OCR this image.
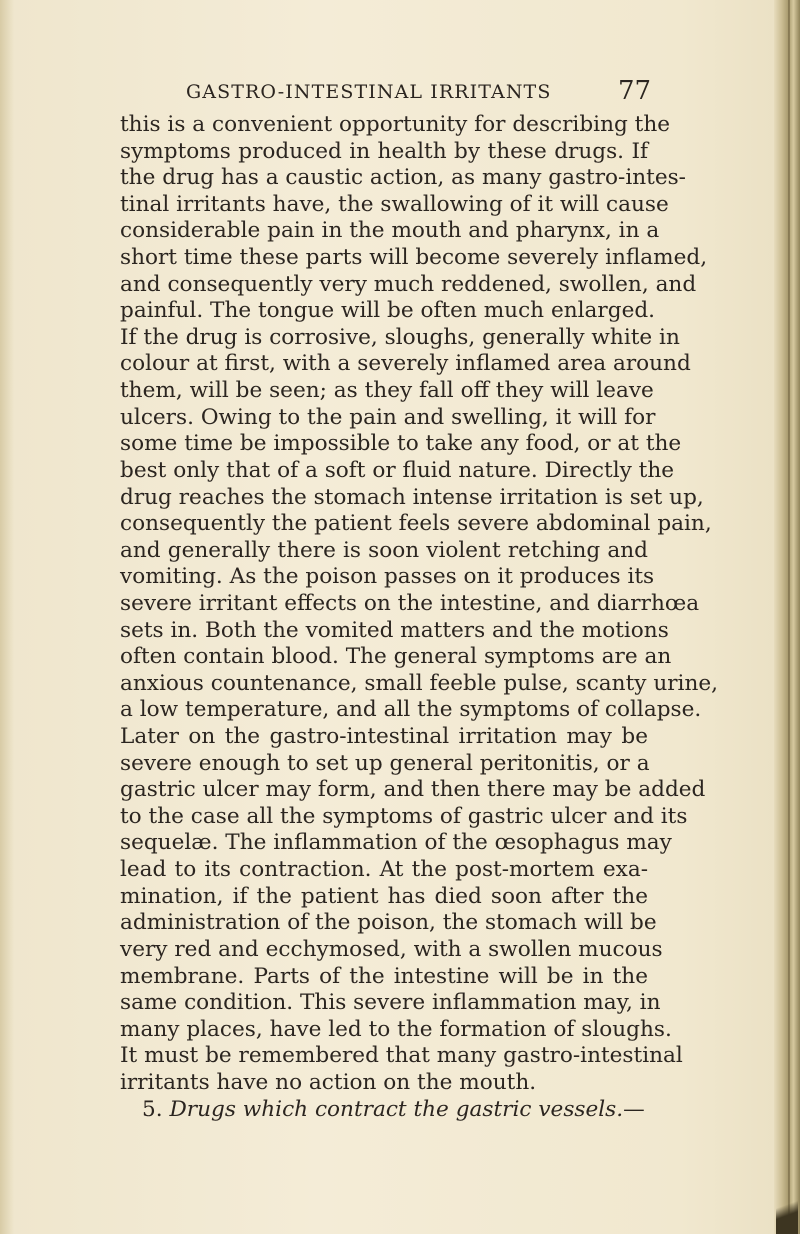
GASTRO-INTESTINAL IRRITANTS	77
this is a convenient opportunity for describing the
symptoms produced in health by these drugs. If
the drug has a caustic action, as many gastro-intes-
tinal irritants have, the swallowing of it will cause
considerable pain in the mouth and pharynx, in a
short time these parts will become severely inflamed,
and consequently very much reddened, swollen, and
painful. The tongue will be often much enlarged.
If the drug is corrosive, sloughs, generally white in
colour at first, with a severely inflamed area around
them, will be seen; as they fall off they will leave
ulcers. Owing to the pain and swelling, it will for
some time be impossible to take any food, or at the
best only that of a soft or fluid nature. Directly the
drug reaches the stomach intense irritation is set up,
consequently the patient feels severe abdominal pain,
and generally there is soon violent retching and
vomiting. As the poison passes on it produces its
severe irritant effects on the intestine, and diarrhœa
sets in. Both the vomited matters and the motions
often contain blood. The general symptoms are an
anxious countenance, small feeble pulse, scanty urine,
a low temperature, and all the symptoms of collapse.
Later on the gastro-intestinal irritation may be
severe enough to set up general peritonitis, or a
gastric ulcer may form, and then there may be added
to the case all the symptoms of gastric ulcer and its
sequelæ. The inflammation of the œsophagus may
lead to its contraction. At the post-mortem exa-
mination, if the patient has died soon after the
administration of the poison, the stomach will be
very red and ecchymosed, with a swollen mucous
membrane. Parts of the intestine will be in the
same condition. This severe inflammation may, in
many places, have led to the formation of sloughs.
It must be remembered that many gastro-intestinal
irritants have no action on the mouth.
5. Drugs which contract the gastric vessels.—
